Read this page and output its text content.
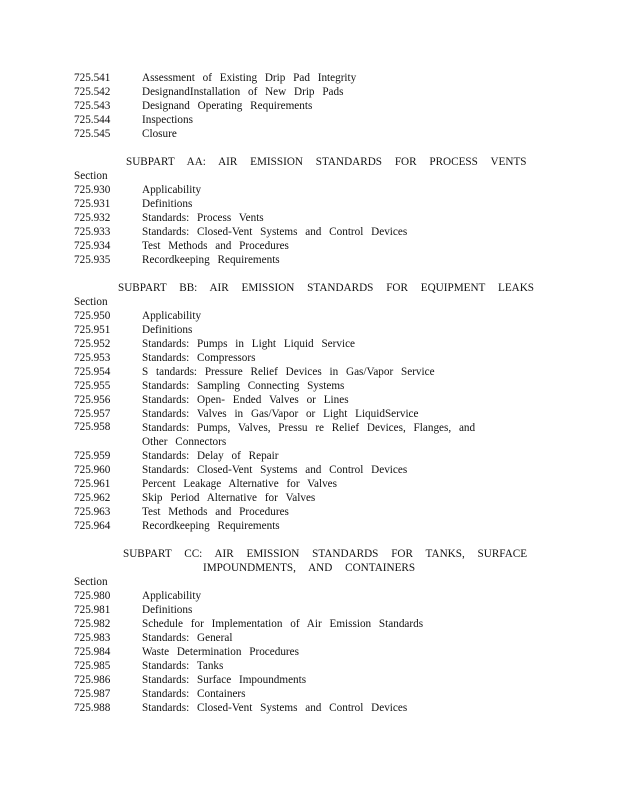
725.541	Assessment of Existing Drip Pad Integrity
725.542	DesignandInstallation of New Drip Pads
725.543	Designand Operating Requirements
725.544	Inspections
725.545	Closure
SUBPART AA: AIR EMISSION STANDARDS FOR PROCESS VENTS
Section
725.930	Applicability
725.931	Definitions
725.932	Standards: Process Vents
725.933	Standards: Closed-Vent Systems and Control Devices
725.934	Test Methods and Procedures
725.935	Recordkeeping Requirements
SUBPART BB: AIR EMISSION STANDARDS FOR EQUIPMENT LEAKS
Section
725.950	Applicability
725.951	Definitions
725.952	Standards: Pumps in Light Liquid Service
725.953	Standards: Compressors
725.954	S tandards: Pressure Relief Devices in Gas/Vapor Service
725.955	Standards: Sampling Connecting Systems
725.956	Standards: Open- Ended Valves or Lines
725.957	Standards: Valves in Gas/Vapor or Light LiquidService
725.958	Standards: Pumps, Valves, Pressu re Relief Devices, Flanges, and Other Connectors
725.959	Standards: Delay of Repair
725.960	Standards: Closed-Vent Systems and Control Devices
725.961	Percent Leakage Alternative for Valves
725.962	Skip Period Alternative for Valves
725.963	Test Methods and Procedures
725.964	Recordkeeping Requirements
SUBPART CC: AIR EMISSION STANDARDS FOR TANKS, SURFACE
IMPOUNDMENTS, AND CONTAINERS
Section
725.980	Applicability
725.981	Definitions
725.982	Schedule for Implementation of Air Emission Standards
725.983	Standards: General
725.984	Waste Determination Procedures
725.985	Standards: Tanks
725.986	Standards: Surface Impoundments
725.987	Standards: Containers
725.988	Standards: Closed-Vent Systems and Control Devices
